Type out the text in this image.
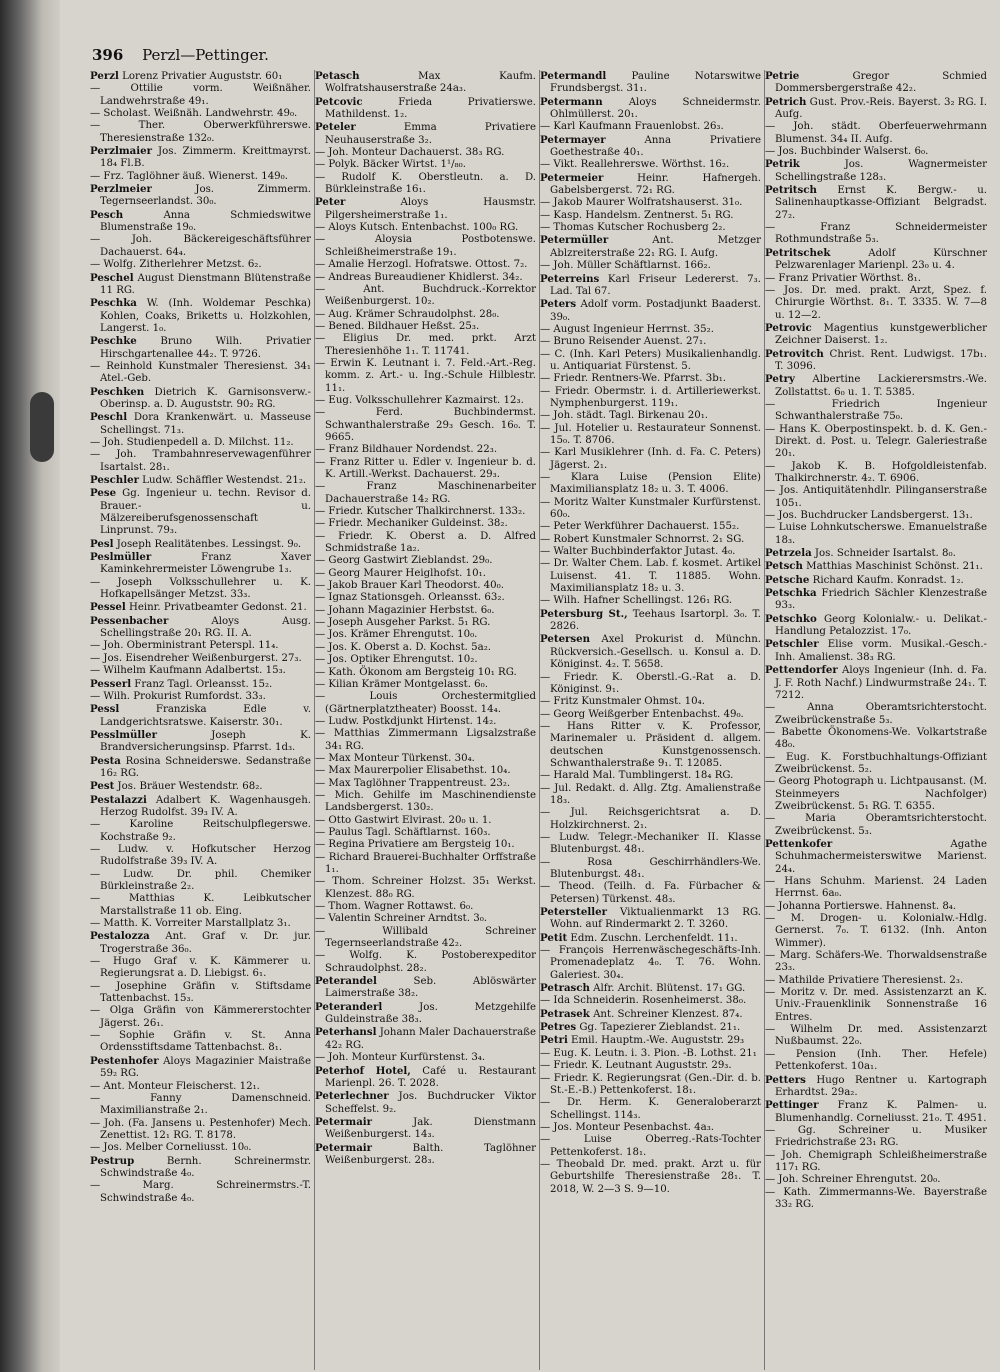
396 Perzl—Pettinger.

Perzl Lorenz Privatier Auguststr. 60₁

— Ottilie vorm. Weißnäher. Landwehrstraße 49₁.

— Scholast. Weißnäh. Landwehrstr. 49₀.

— Ther. Oberwerkführerswe. Theresienstraße 132₀.

Perzlmaier Jos. Zimmerm. Kreittmayrst. 18₄ Fl.B.

— Frz. Taglöhner äuß. Wienerst. 149₀.

Perzlmeier Jos. Zimmerm. Tegernseerlandst. 30₀.

Pesch Anna Schmiedswitwe Blumenstraße 19₀.

— Joh. Bäckereigeschäftsführer Dachauerst. 64₄.

— Wolfg. Zitherlehrer Metzst. 6₂.

Peschel August Dienstmann Blütenstraße 11 RG.

Peschka W. (Inh. Woldemar Peschka) Kohlen, Coaks, Briketts u. Holzkohlen, Langerst. 1₀.

Peschke Bruno Wilh. Privatier Hirschgartenallee 44₂. T. 9726.

— Reinhold Kunstmaler Theresienst. 34₁ Atel.-Geb.

Peschken Dietrich K. Garnisonsverw.-Oberinsp. a. D. Auguststr. 90₂ RG.

Peschl Dora Krankenwärt. u. Masseuse Schellingst. 71₃.

— Joh. Studienpedell a. D. Milchst. 11₂.

— Joh. Trambahnreservewagenführer Isartalst. 28₁.

Peschler Ludw. Schäffler Westendst. 21₂.

Pese Gg. Ingenieur u. techn. Revisor d. Brauer.- u. Mälzereiberufsgenossenschaft Linprunst. 79₃.

Pesl Joseph Realitätenbes. Lessingst. 9₀.

Peslmüller Franz Xaver Kaminkehrermeister Löwengrube 1₃.

— Joseph Volksschullehrer u. K. Hofkapellsänger Metzst. 33₃.

Pessel Heinr. Privatbeamter Gedonst. 21.

Pessenbacher Aloys Ausg. Schellingstraße 20₁ RG. II. A.

— Joh. Oberministrant Peterspl. 11₄.

— Jos. Eisendreher Weißenburgerst. 27₃.

— Wilhelm Kaufmann Adalbertst. 15₃.

Pesserl Franz Tagl. Orleansst. 15₂.

— Wilh. Prokurist Rumfordst. 33₃.

Pessl Franziska Edle v. Landgerichtsratswe. Kaiserstr. 30₁.

Pesslmüller Joseph K. Brandversicherungsinsp. Pfarrst. 1d₃.

Pesta Rosina Schneiderswe. Sedanstraße 16₂ RG.

Pest Jos. Bräuer Westendstr. 68₂.

Pestalazzi Adalbert K. Wagenhausgeh. Herzog Rudolfst. 39₃ IV. A.

— Karoline Reitschulpflegerswe. Kochstraße 9₂.

— Ludw. v. Hofkutscher Herzog Rudolfstraße 39₃ IV. A.

— Ludw. Dr. phil. Chemiker Bürkleinstraße 2₂.

— Matthias K. Leibkutscher Marstallstraße 11 ob. Eing.

— Matth. K. Vorreiter Marstallplatz 3₁.

Pestalozza Ant. Graf v. Dr. jur. Trogerstraße 36₀.

— Hugo Graf v. K. Kämmerer u. Regierungsrat a. D. Liebigst. 6₁.

— Josephine Gräfin v. Stiftsdame Tattenbachst. 15₃.

— Olga Gräfin von Kämmererstochter Jägerst. 26₁.

— Sophie Gräfin v. St. Anna Ordensstiftsdame Tattenbachst. 8₁.

Pestenhofer Aloys Magazinier Maistraße 59₂ RG.

— Ant. Monteur Fleischerst. 12₁.

— Fanny Damenschneid. Maximilianstraße 2₁.

— Joh. (Fa. Jansens u. Pestenhofer) Mech. Zenettist. 12₁ RG. T. 8178.

— Jos. Melber Corneliusst. 10₀.

Pestrup Bernh. Schreinermstr. Schwindstraße 4₀.

— Marg. Schreinermstrs.-T. Schwindstraße 4₀.

Petasch Max Kaufm. Wolfratshauserstraße 24a₃.

Petcovic Frieda Privatierswe. Mathildenst. 1₂.

Peteler Emma Privatiere Neuhauserstraße 3₂.

— Joh. Monteur Dachauerst. 38₃ RG.

— Polyk. Bäcker Wirtst. 1¹/₈₀.

— Rudolf K. Oberstleutn. a. D. Bürkleinstraße 16₁.

Peter Aloys Hausmstr. Pilgersheimerstraße 1₁.

— Aloys Kutsch. Entenbachst. 100₀ RG.

— Aloysia Postbotenswe. Schleißheimerstraße 19₁.

— Amalie Herzogl. Hofratswe. Ottost. 7₂.

— Andreas Bureaudiener Khidlerst. 34₂.

— Ant. Buchdruck.-Korrektor Weißenburgerst. 10₂.

— Aug. Krämer Schraudolphst. 28₀.

— Bened. Bildhauer Heßst. 25₃.

— Eligius Dr. med. prkt. Arzt Theresienhöhe 1₁. T. 11741.

— Erwin K. Leutnant i. 7. Feld.-Art.-Reg. komm. z. Art.- u. Ing.-Schule Hilblestr. 11₁.

— Eug. Volksschullehrer Kazmairst. 12₃.

— Ferd. Buchbindermst. Schwanthalerstraße 29₃ Gesch. 16₀. T. 9665.

— Franz Bildhauer Nordendst. 22₃.

— Franz Ritter u. Edler v. Ingenieur b. d. K. Artill.-Werkst. Dachauerst. 29₃.

— Franz Maschinenarbeiter Dachauerstraße 14₂ RG.

— Friedr. Kutscher Thalkirchnerst. 133₂.

— Friedr. Mechaniker Guldeinst. 38₂.

— Friedr. K. Oberst a. D. Alfred Schmidstraße 1a₂.

— Georg Gastwirt Zieblandst. 29₀.

— Georg Maurer Heiglhofst. 10₁.

— Jakob Brauer Karl Theodorst. 40₀.

— Ignaz Stationsgeh. Orleansst. 63₂.

— Johann Magazinier Herbstst. 6₀.

— Joseph Ausgeher Parkst. 5₁ RG.

— Jos. Krämer Ehrengutst. 10₀.

— Jos. K. Oberst a. D. Kochst. 5a₂.

— Jos. Optiker Ehrengutst. 10₂.

— Kath. Ökonom am Bergsteig 10₁ RG.

— Kilian Krämer Montgelasst. 6₀.

— Louis Orchestermitglied (Gärtnerplatztheater) Boosst. 14₄.

— Ludw. Postkdjunkt Hirtenst. 14₂.

— Matthias Zimmermann Ligsalzstraße 34₁ RG.

— Max Monteur Türkenst. 30₄.

— Max Maurerpolier Elisabethst. 10₄.

— Max Taglöhner Trappentreust. 23₂.

— Mich. Gehilfe im Maschinendienste Landsbergerst. 130₂.

— Otto Gastwirt Elvirast. 20₀ u. 1.

— Paulus Tagl. Schäftlarnst. 160₃.

— Regina Privatiere am Bergsteig 10₁.

— Richard Brauerei-Buchhalter Orffstraße 1₁.

— Thom. Schreiner Holzst. 35₁ Werkst. Klenzest. 88₀ RG.

— Thom. Wagner Rottawst. 6₀.

— Valentin Schreiner Arndtst. 3₀.

— Willibald Schreiner Tegernseerlandstraße 42₂.

— Wolfg. K. Postoberexpeditor Schraudolphst. 28₂.

Peterandel Seb. Ablöswärter Laimerstraße 38₂.

Peteranderl Jos. Metzgehilfe Guldeinstraße 38₃.

Peterhansl Johann Maler Dachauerstraße 42₂ RG.

— Joh. Monteur Kurfürstenst. 3₄.

Peterhof Hotel, Café u. Restaurant Marienpl. 26. T. 2028.

Peterlechner Jos. Buchdrucker Viktor Scheffelst. 9₂.

Petermair Jak. Dienstmann Weißenburgerst. 14₃.

Petermair Balth. Taglöhner Weißenburgerst. 28₃.

Petermandl Pauline Notarswitwe Frundsbergst. 31₁.

Petermann Aloys Schneidermstr. Ohlmüllerst. 20₁.

— Karl Kaufmann Frauenlobst. 26₃.

Petermayer Anna Privatiere Goethestraße 40₁.

— Vikt. Reallehrerswe. Wörthst. 16₂.

Petermeier Heinr. Hafnergeh. Gabelsbergerst. 72₁ RG.

— Jakob Maurer Wolfratshauserst. 31₀.

— Kasp. Handelsm. Zentnerst. 5₁ RG.

— Thomas Kutscher Rochusberg 2₂.

Petermüller Ant. Metzger Ablzreiterstraße 22₁ RG. I. Aufg.

— Joh. Müller Schäftlarnst. 166₂.

Peterreins Karl Friseur Ledererst. 7₃. Lad. Tal 67.

Peters Adolf vorm. Postadjunkt Baaderst. 39₀.

— August Ingenieur Herrnst. 35₂.

— Bruno Reisender Auenst. 27₁.

— C. (Inh. Karl Peters) Musikalienhandlg. u. Antiquariat Fürstenst. 5.

— Friedr. Rentners-We. Pfarrst. 3b₁.

— Friedr. Obermstr. i. d. Artilleriewerkst. Nymphenburgerst. 119₁.

— Joh. städt. Tagl. Birkenau 20₁.

— Jul. Hotelier u. Restaurateur Sonnenst. 15₀. T. 8706.

— Karl Musiklehrer (Inh. d. Fa. C. Peters) Jägerst. 2₁.

— Klara Luise (Pension Elite) Maximiliansplatz 18₂ u. 3. T. 4006.

— Moritz Walter Kunstmaler Kurfürstenst. 60₀.

— Peter Werkführer Dachauerst. 155₂.

— Robert Kunstmaler Schnorrst. 2₁ SG.

— Walter Buchbinderfaktor Jutast. 4₀.

— Dr. Walter Chem. Lab. f. kosmet. Artikel Luisenst. 41. T. 11885. Wohn. Maximiliansplatz 18₂ u. 3.

— Wilh. Hafner Schellingst. 126₁ RG.

Petersburg St., Teehaus Isartorpl. 3₀. T. 2826.

Petersen Axel Prokurist d. Münchn. Rückversich.-Gesellsch. u. Konsul a. D. Königinst. 4₂. T. 5658.

— Friedr. K. Oberstl.-G.-Rat a. D. Königinst. 9₁.

— Fritz Kunstmaler Ohmst. 10₄.

— Georg Weißgerber Entenbachst. 49₀.

— Hans Ritter v. K. Professor, Marinemaler u. Präsident d. allgem. deutschen Kunstgenossensch. Schwanthalerstraße 9₁. T. 12085.

— Harald Mal. Tumblingerst. 18₄ RG.

— Jul. Redakt. d. Allg. Ztg. Amalienstraße 18₃.

— Jul. Reichsgerichtsrat a. D. Holzkirchnerst. 2₁.

— Ludw. Telegr.-Mechaniker II. Klasse Blutenburgst. 48₁.

— Rosa Geschirrhändlers-We. Blutenburgst. 48₁.

— Theod. (Teilh. d. Fa. Fürbacher & Petersen) Türkenst. 48₃.

Petersteller Viktualienmarkt 13 RG. Wohn. auf Rindermarkt 2. T. 3260.

Petit Edm. Zuschn. Lerchenfeldt. 11₁.

— François Herrenwäschegeschäfts-Inh. Promenadeplatz 4₀. T. 76. Wohn. Galeriest. 30₄.

Petrasch Alfr. Archit. Blütenst. 17₁ GG.

— Ida Schneiderin. Rosenheimerst. 38₀.

Petrasek Ant. Schreiner Klenzest. 87₄.

Petres Gg. Tapezierer Zieblandst. 21₁.

Petri Emil. Hauptm.-We. Auguststr. 29₃

— Eug. K. Leutn. i. 3. Pion. -B. Lothst. 21₁

— Friedr. K. Leutnant Auguststr. 29₃.

— Friedr. K. Regierungsrat (Gen.-Dir. d. b. St.-E.-B.) Pettenkoferst. 18₁.

— Dr. Herm. K. Generaloberarzt Schellingst. 114₃.

— Jos. Monteur Pesenbachst. 4a₃.

— Luise Oberreg.-Rats-Tochter Pettenkoferst. 18₁.

— Theobald Dr. med. prakt. Arzt u. für Geburtshilfe Theresienstraße 28₁. T. 2018, W. 2—3 S. 9—10.

Petrie Gregor Schmied Dommersbergerstraße 42₂.

Petrich Gust. Prov.-Reis. Bayerst. 3₂ RG. I. Aufg.

— Joh. städt. Oberfeuerwehrmann Blumenst. 34₄ II. Aufg.

— Jos. Buchbinder Walserst. 6₀.

Petrik Jos. Wagnermeister Schellingstraße 128₃.

Petritsch Ernst K. Bergw.- u. Salinenhauptkasse-Offiziant Belgradst. 27₂.

— Franz Schneidermeister Rothmundstraße 5₃.

Petritschek Adolf Kürschner Pelzwarenlager Marienpl. 23₀ u. 4.

— Franz Privatier Wörthst. 8₁.

— Jos. Dr. med. prakt. Arzt, Spez. f. Chirurgie Wörthst. 8₁. T. 3335. W. 7—8 u. 12—2.

Petrovic Magentius kunstgewerblicher Zeichner Daiserst. 1₂.

Petrovitch Christ. Rent. Ludwigst. 17b₁. T. 3096.

Petry Albertine Lackierersmstrs.-We. Zollstattst. 6₀ u. 1. T. 5385.

— Friedrich Ingenieur Schwanthalerstraße 75₀.

— Hans K. Oberpostinspekt. b. d. K. Gen.-Direkt. d. Post. u. Telegr. Galeriestraße 20₁.

— Jakob K. B. Hofgoldleistenfab. Thalkirchnerstr. 4₂. T. 6906.

— Jos. Antiquitätenhdlr. Pilinganserstraße 105₁.

— Jos. Buchdrucker Landsbergerst. 13₁.

— Luise Lohnkutscherswe. Emanuelstraße 18₃.

Petrzela Jos. Schneider Isartalst. 8₀.

Petsch Matthias Maschinist Schönst. 21₁.

Petsche Richard Kaufm. Konradst. 1₂.

Petschka Friedrich Sächler Klenzestraße 93₃.

Petschko Georg Kolonialw.- u. Delikat.-Handlung Petalozzist. 17₀.

Petschler Elise vorm. Musikal.-Gesch.-Inh. Amalienst. 38₃ RG.

Pettendorfer Aloys Ingenieur (Inh. d. Fa. J. F. Roth Nachf.) Lindwurmstraße 24₁. T. 7212.

— Anna Oberamtsrichterstocht. Zweibrückenstraße 5₃.

— Babette Ökonomens-We. Volkartstraße 48₀.

— Eug. K. Forstbuchhaltungs-Offiziant Zweibrückenst. 5₂.

— Georg Photograph u. Lichtpausanst. (M. Steinmeyers Nachfolger) Zweibrückenst. 5₁ RG. T. 6355.

— Maria Oberamtsrichterstocht. Zweibrückenst. 5₃.

Pettenkofer Agathe Schuhmachermeisterswitwe Marienst. 24₄.

— Hans Schuhm. Marienst. 24 Laden Herrnst. 6a₀.

— Johanna Portierswe. Hahnenst. 8₄.

— M. Drogen- u. Kolonialw.-Hdlg. Gernerst. 7₀. T. 6132. (Inh. Anton Wimmer).

— Marg. Schäfers-We. Thorwaldsenstraße 23₃.

— Mathilde Privatiere Theresienst. 2₃.

— Moritz v. Dr. med. Assistenzarzt an K. Univ.-Frauenklinik Sonnenstraße 16 Entres.

— Wilhelm Dr. med. Assistenzarzt Nußbaumst. 22₀.

— Pension (Inh. Ther. Hefele) Pettenkoferst. 10a₁.

Petters Hugo Rentner u. Kartograph Erhardtst. 29a₂.

Pettinger Franz K. Palmen- u. Blumenhandlg. Corneliusst. 21₀. T. 4951.

— Gg. Schreiner u. Musiker Friedrichstraße 23₁ RG.

— Joh. Chemigraph Schleißheimerstraße 117₁ RG.

— Joh. Schreiner Ehrengutst. 20₀.

— Kath. Zimmermanns-We. Bayerstraße 33₂ RG.
